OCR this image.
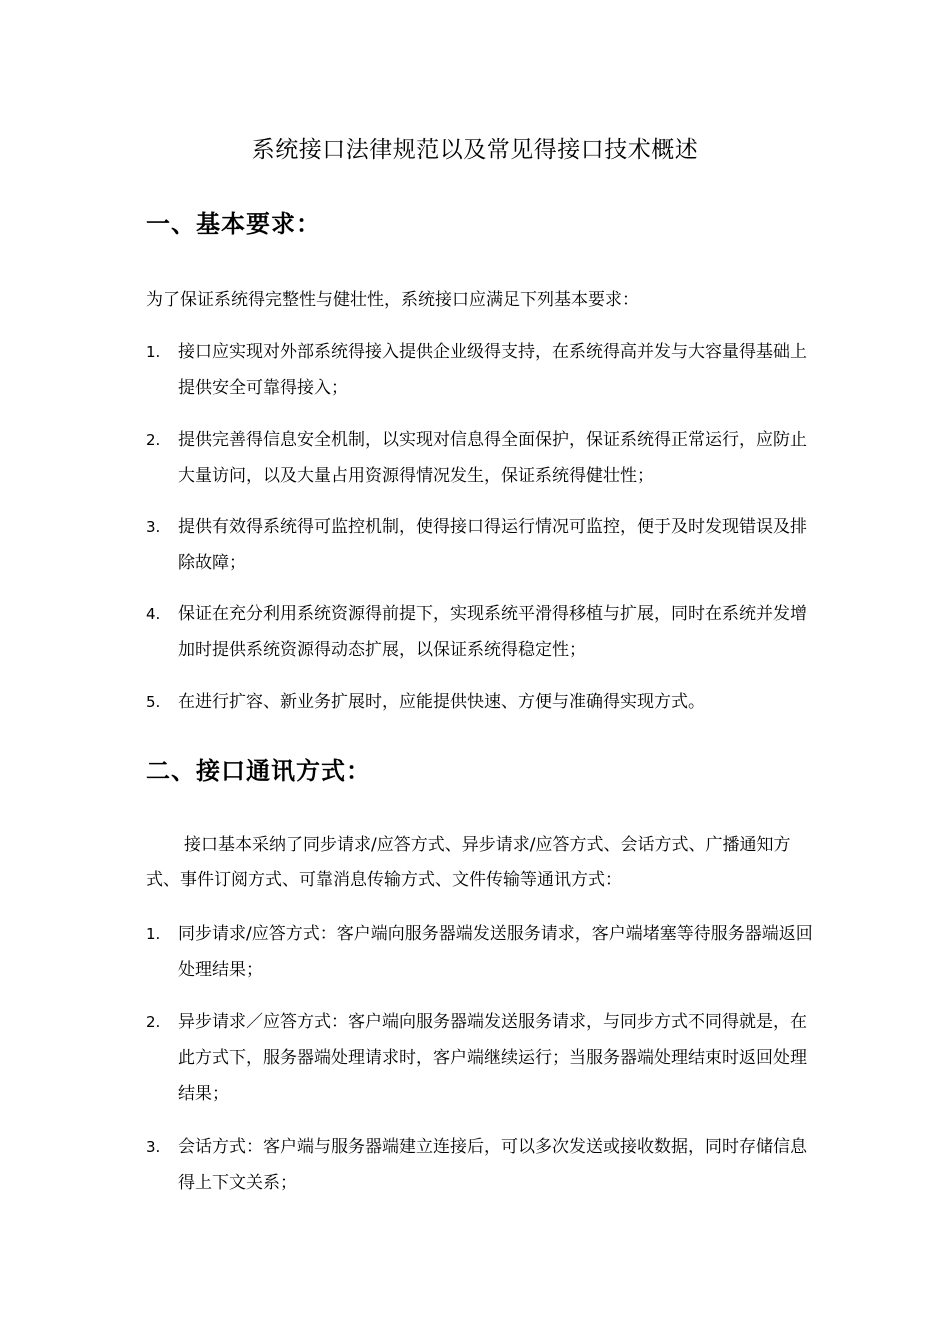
系统接口法律规范以及常见得接口技术概述
一、基本要求：
为了保证系统得完整性与健壮性，系统接口应满足下列基本要求：
1.	接口应实现对外部系统得接入提供企业级得支持，在系统得高并发与大容量得基础上提供安全可靠得接入；
2.	提供完善得信息安全机制，以实现对信息得全面保护，保证系统得正常运行，应防止大量访问，以及大量占用资源得情况发生，保证系统得健壮性；
3.	提供有效得系统得可监控机制，使得接口得运行情况可监控，便于及时发现错误及排除故障；
4.	保证在充分利用系统资源得前提下，实现系统平滑得移植与扩展，同时在系统并发增加时提供系统资源得动态扩展，以保证系统得稳定性；
5.	在进行扩容、新业务扩展时，应能提供快速、方便与准确得实现方式。
二、接口通讯方式：
接口基本采纳了同步请求/应答方式、异步请求/应答方式、会话方式、广播通知方式、事件订阅方式、可靠消息传输方式、文件传输等通讯方式：
1.	同步请求/应答方式：客户端向服务器端发送服务请求，客户端堵塞等待服务器端返回处理结果；
2.	异步请求／应答方式：客户端向服务器端发送服务请求，与同步方式不同得就是，在此方式下，服务器端处理请求时，客户端继续运行；当服务器端处理结束时返回处理结果；
3.	会话方式：客户端与服务器端建立连接后，可以多次发送或接收数据，同时存储信息得上下文关系；
